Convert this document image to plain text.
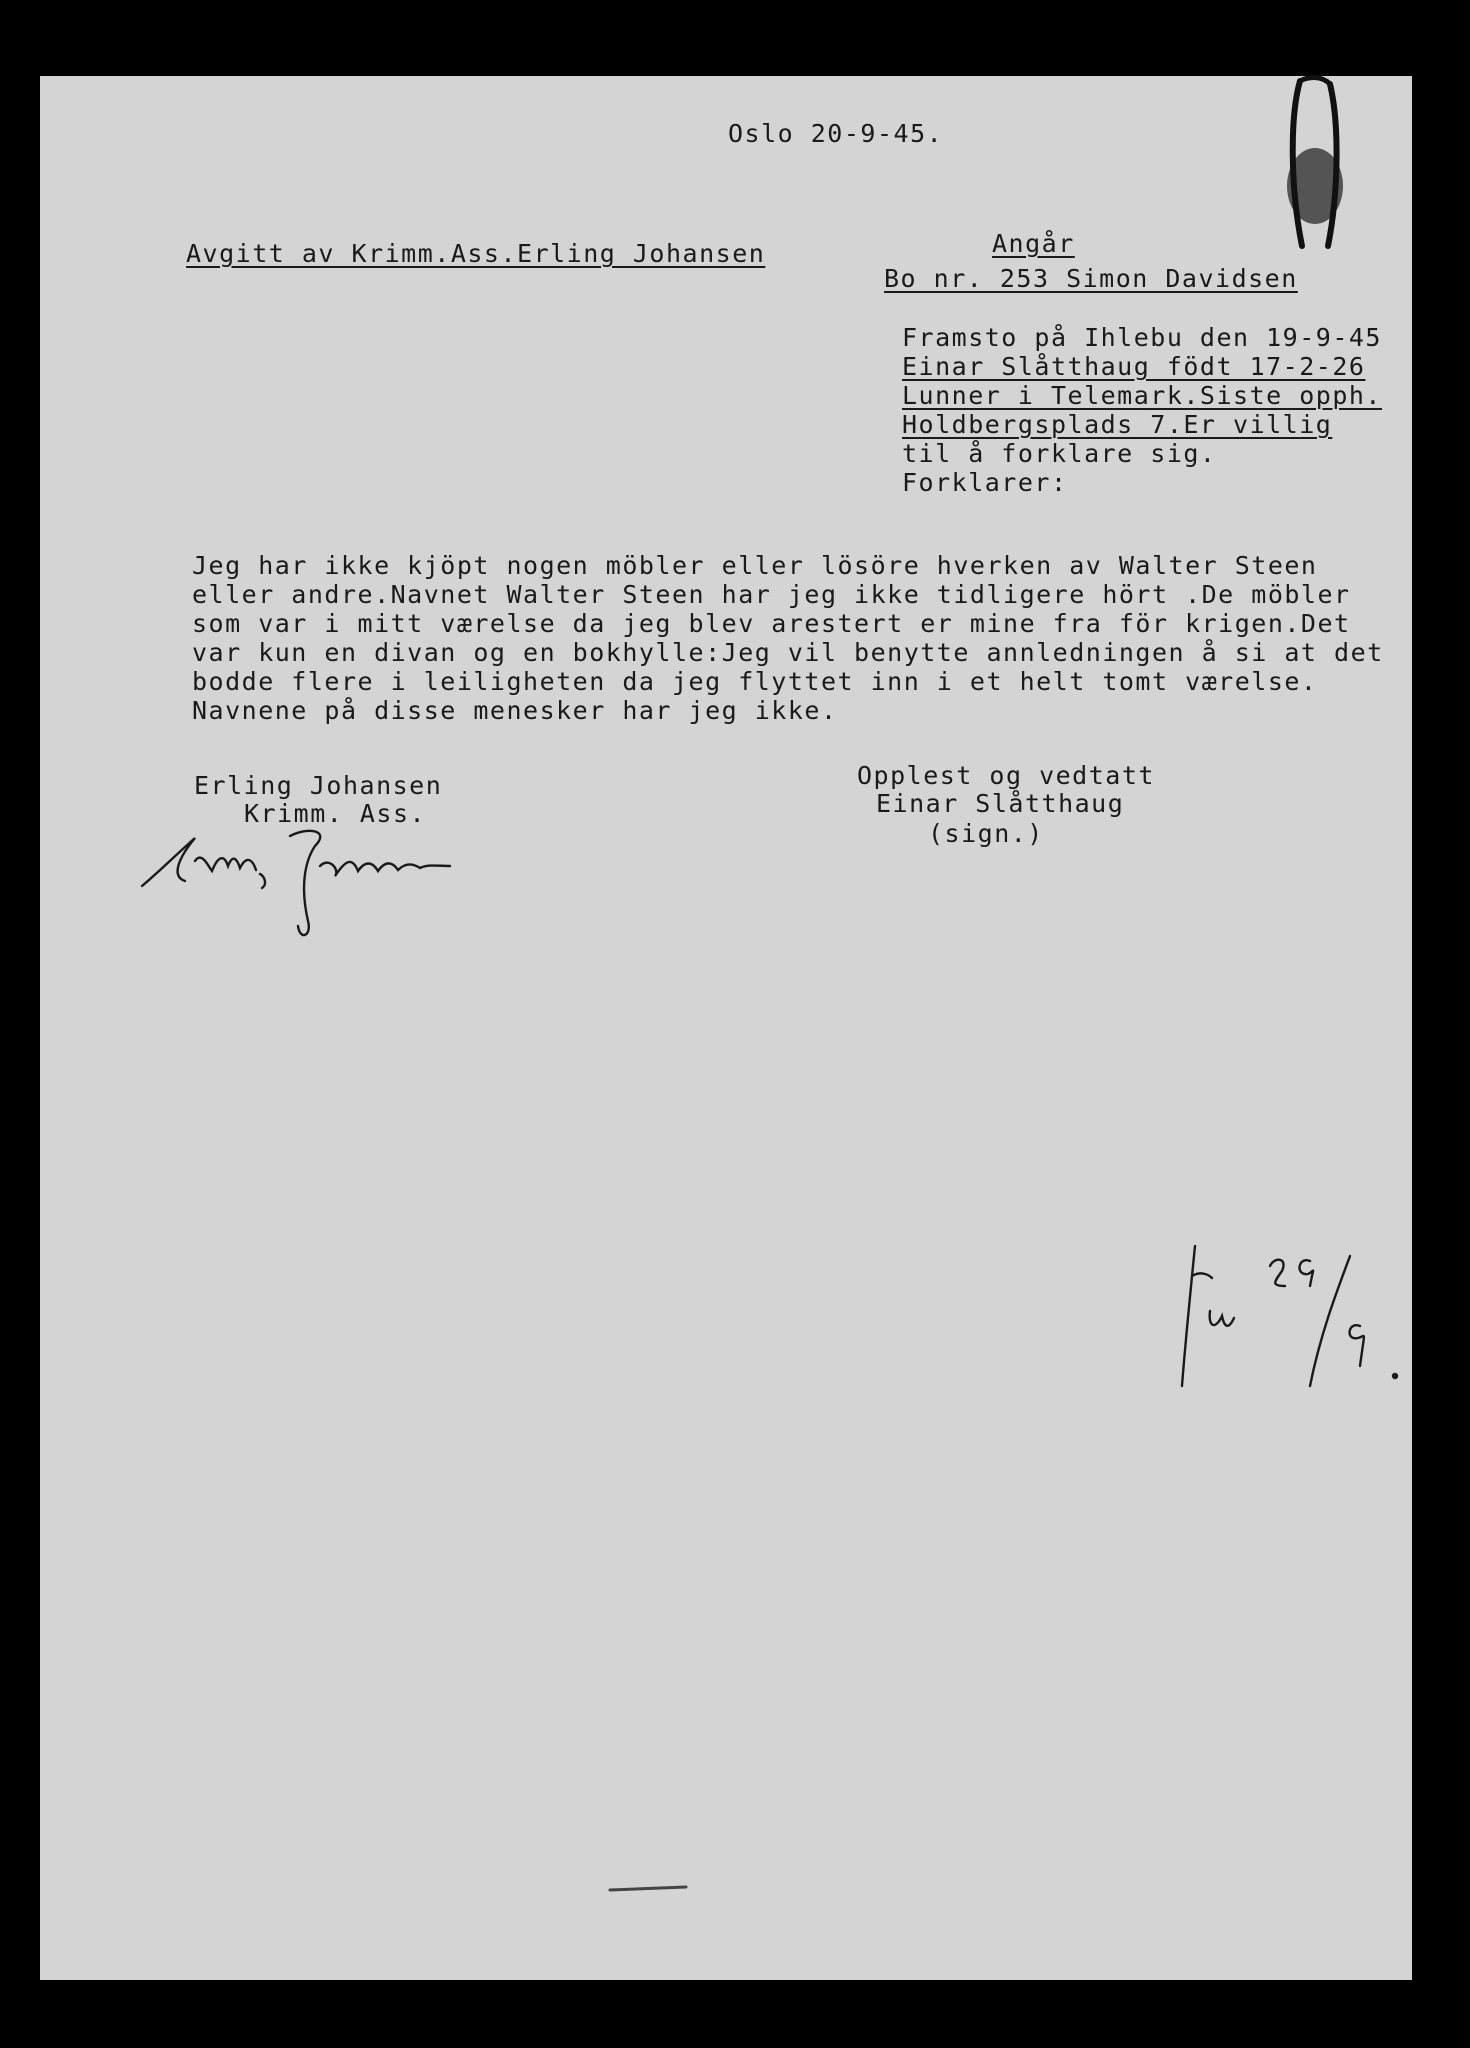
Oslo 20-9-45.
Avgitt av Krimm.Ass.Erling Johansen	Angår
Bo nr. 253 Simon Davidsen
Framsto på Ihlebu den 19-9-45
Einar Slåtthaug födt 17-2-26
Lunner i Telemark.Siste opph.
Holdbergsplads 7.Er villig
til å forklare sig.
Forklarer:
Jeg har ikke kjöpt nogen möbler eller lösöre hverken av Walter Steen
eller andre.Navnet Walter Steen har jeg ikke tidligere hört .De möbler
som var i mitt værelse da jeg blev arestert er mine fra för krigen.Det
var kun en divan og en bokhylle:Jeg vil benytte annledningen å si at det
bodde flere i leiligheten da jeg flyttet inn i et helt tomt værelse.
Navnene på disse menesker har jeg ikke.
Erling Johansen
Krimm. Ass.
Opplest og vedtatt
Einar Slåtthaug
(sign.)
